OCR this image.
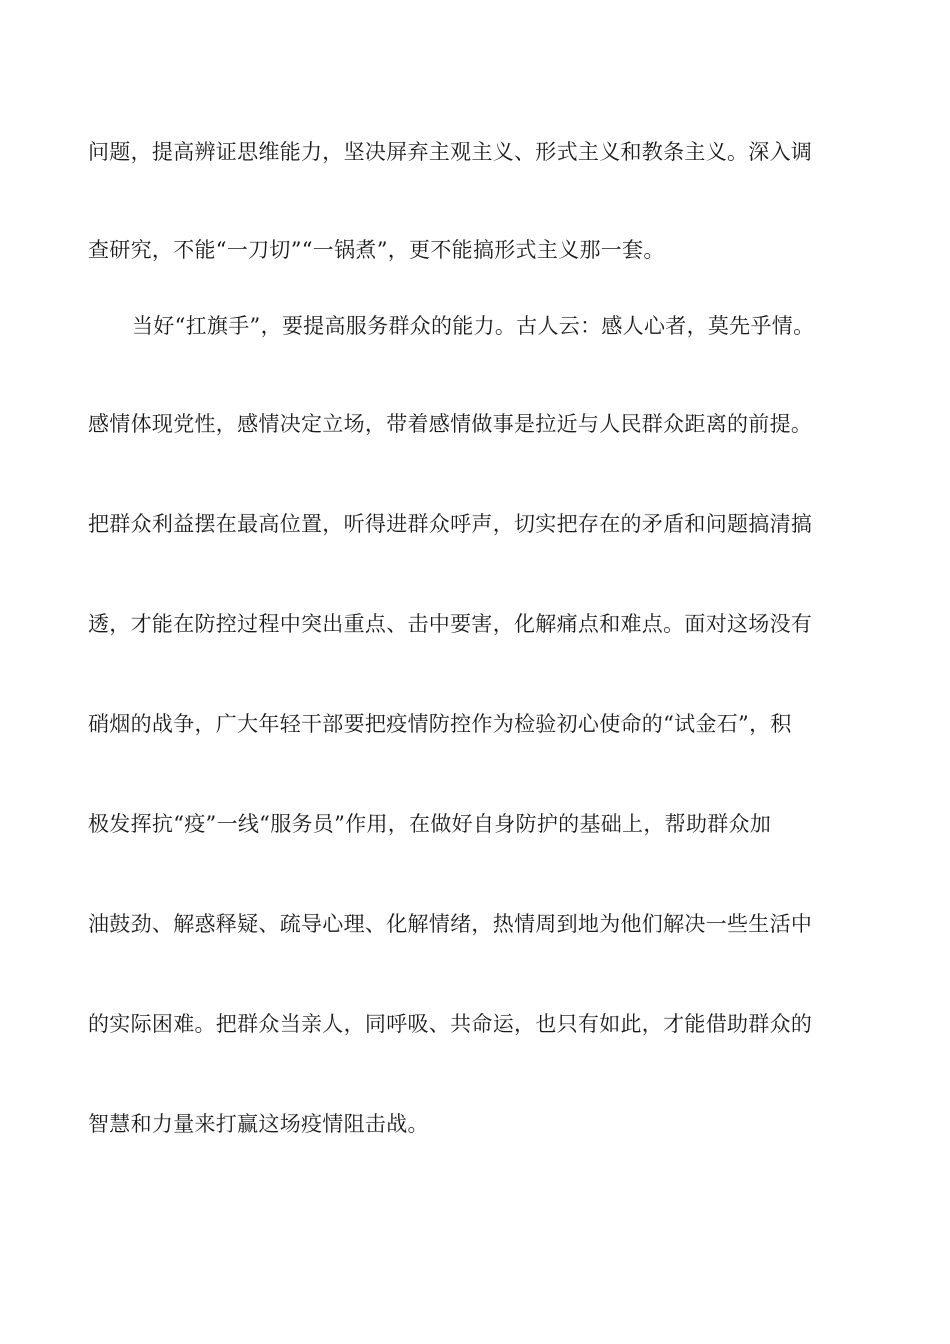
问题，提高辨证思维能力，坚决屏弃主观主义、形式主义和教条主义。深入调
查研究，不能“一刀切”“一锅煮”，更不能搞形式主义那一套。
当好“扛旗手”，要提高服务群众的能力。古人云：感人心者，莫先乎情。
感情体现党性，感情决定立场，带着感情做事是拉近与人民群众距离的前提。
把群众利益摆在最高位置，听得进群众呼声，切实把存在的矛盾和问题搞清搞
透，才能在防控过程中突出重点、击中要害，化解痛点和难点。面对这场没有
硝烟的战争，广大年轻干部要把疫情防控作为检验初心使命的“试金石”，积
极发挥抗“疫”一线“服务员”作用，在做好自身防护的基础上，帮助群众加
油鼓劲、解惑释疑、疏导心理、化解情绪，热情周到地为他们解决一些生活中
的实际困难。把群众当亲人，同呼吸、共命运，也只有如此，才能借助群众的
智慧和力量来打赢这场疫情阻击战。
